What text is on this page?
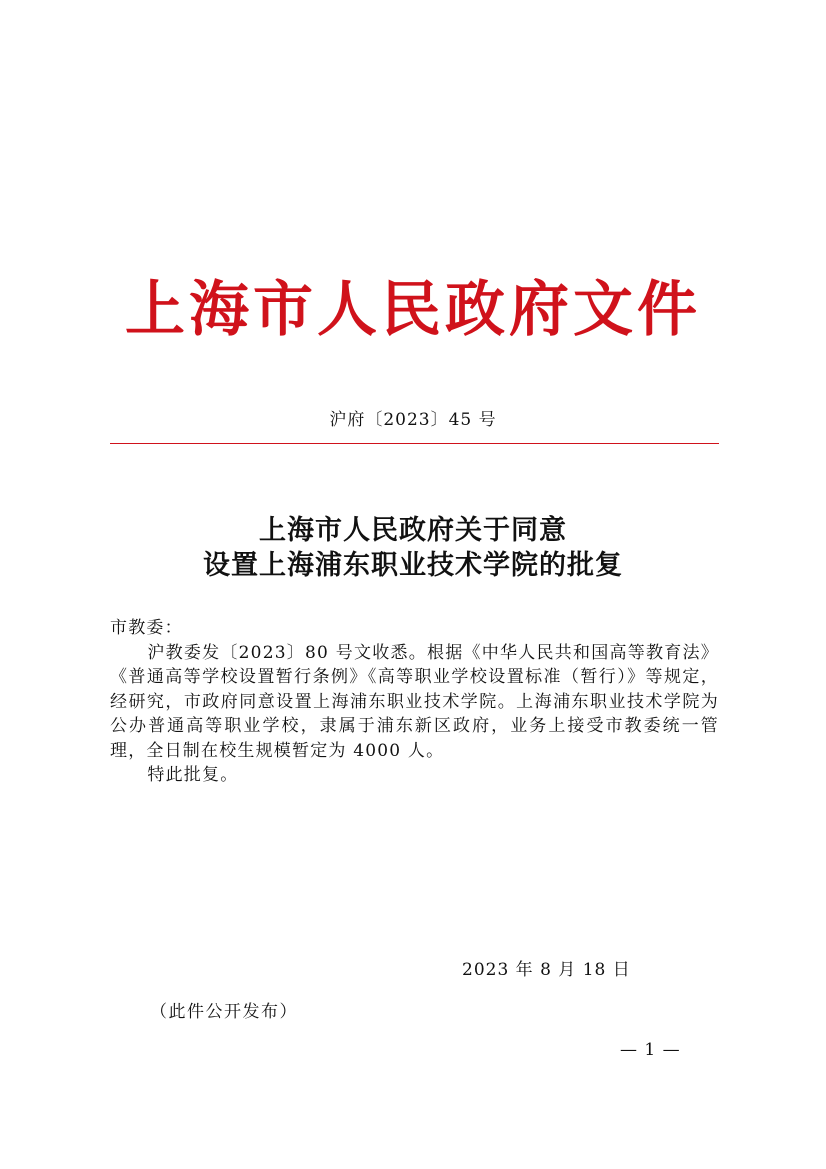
上海市人民政府文件
沪府〔2023〕45 号
上海市人民政府关于同意
设置上海浦东职业技术学院的批复

市教委：

沪教委发〔2023〕80 号文收悉。根据《中华人民共和国高等教育法》《普通高等学校设置暂行条例》《高等职业学校设置标准（暂行）》等规定，经研究，市政府同意设置上海浦东职业技术学院。上海浦东职业技术学院为公办普通高等职业学校，隶属于浦东新区政府，业务上接受市教委统一管理，全日制在校生规模暂定为 4000 人。

特此批复。

2023 年 8 月 18 日
（此件公开发布）
— 1 —
